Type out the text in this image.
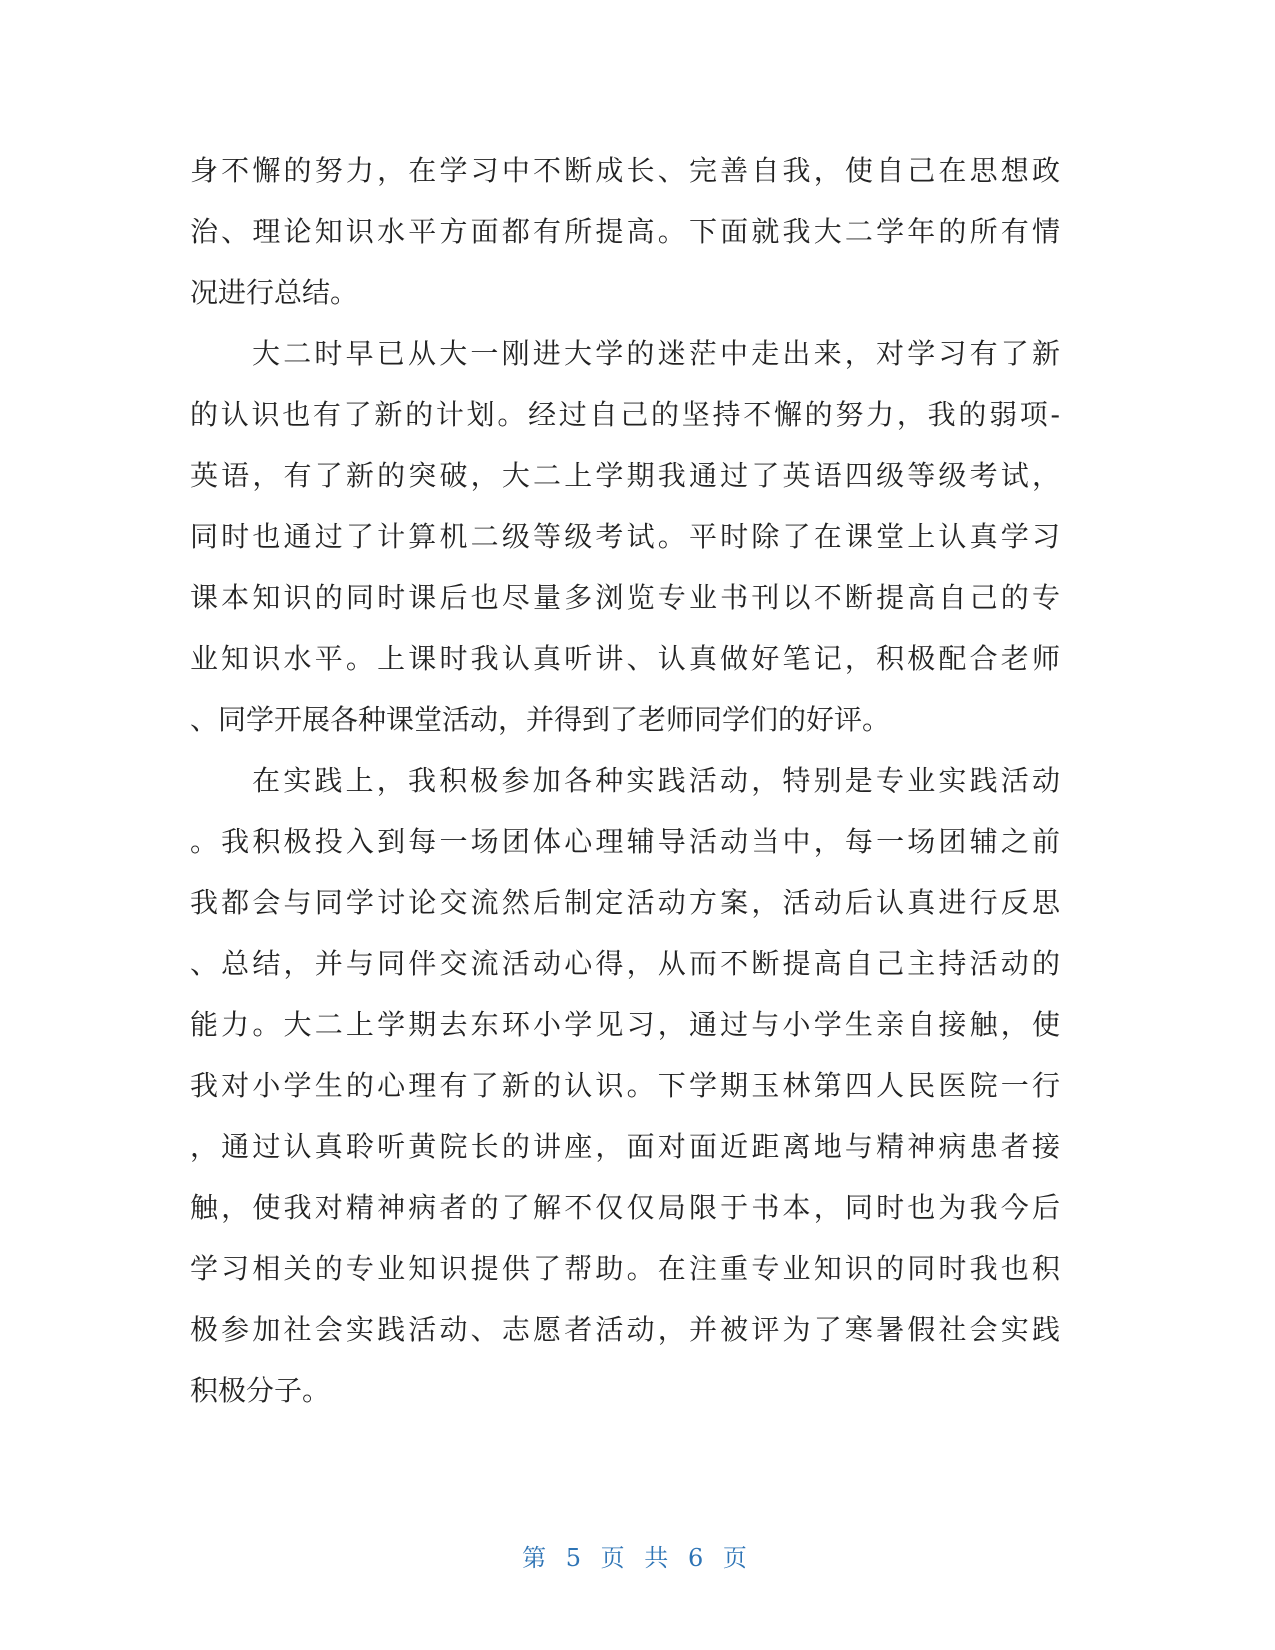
身不懈的努力，在学习中不断成长、完善自我，使自己在思想政
治、理论知识水平方面都有所提高。下面就我大二学年的所有情
况进行总结。
大二时早已从大一刚进大学的迷茫中走出来，对学习有了新
的认识也有了新的计划。经过自己的坚持不懈的努力，我的弱项-
英语，有了新的突破，大二上学期我通过了英语四级等级考试，
同时也通过了计算机二级等级考试。平时除了在课堂上认真学习
课本知识的同时课后也尽量多浏览专业书刊以不断提高自己的专
业知识水平。上课时我认真听讲、认真做好笔记，积极配合老师
、同学开展各种课堂活动，并得到了老师同学们的好评。
在实践上，我积极参加各种实践活动，特别是专业实践活动
。我积极投入到每一场团体心理辅导活动当中，每一场团辅之前
我都会与同学讨论交流然后制定活动方案，活动后认真进行反思
、总结，并与同伴交流活动心得，从而不断提高自己主持活动的
能力。大二上学期去东环小学见习，通过与小学生亲自接触，使
我对小学生的心理有了新的认识。下学期玉林第四人民医院一行
，通过认真聆听黄院长的讲座，面对面近距离地与精神病患者接
触，使我对精神病者的了解不仅仅局限于书本，同时也为我今后
学习相关的专业知识提供了帮助。在注重专业知识的同时我也积
极参加社会实践活动、志愿者活动，并被评为了寒暑假社会实践
积极分子。
第 5 页 共 6 页
